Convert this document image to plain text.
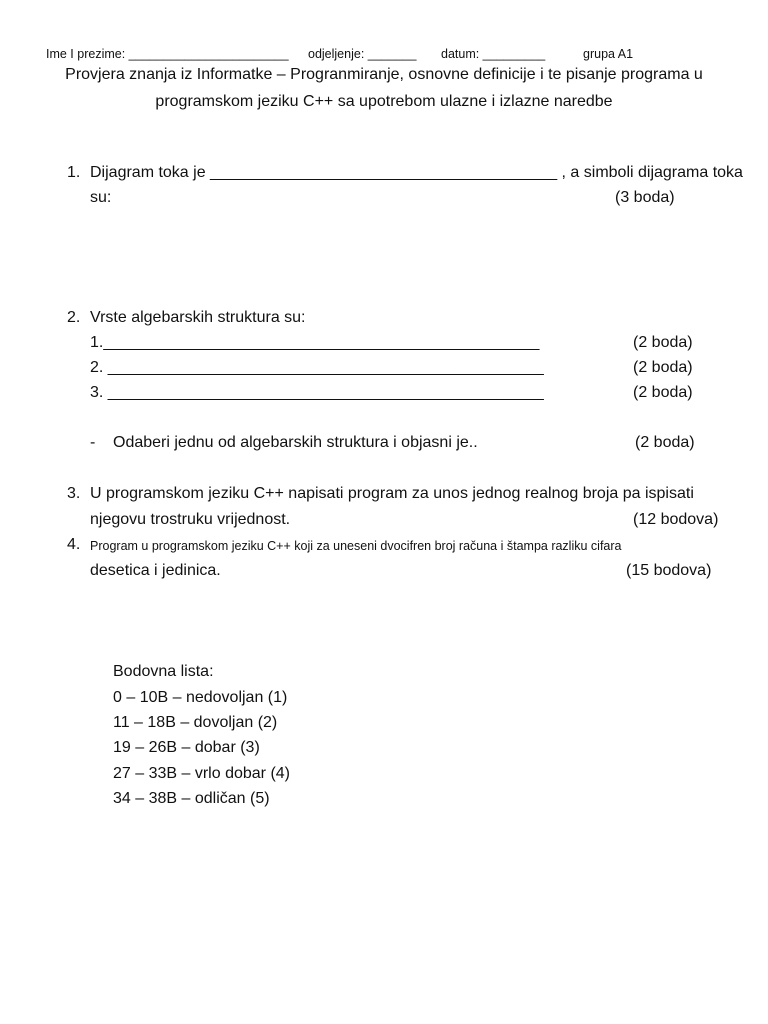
Ime I prezime: _______________________ odjeljenje: _______ datum: _________	grupa A1
Provjera znanja iz Informatke – Progranmiranje, osnovne definicije i te pisanje programa u
programskom jeziku C++ sa upotrebom ulazne i izlazne naredbe
1. Dijagram toka je _______________________________________ , a simboli dijagrama toka
su:	(3 boda)
2. Vrste algebarskih struktura su:
1._________________________________________________	(2 boda)
2. _________________________________________________	(2 boda)
3. _________________________________________________	(2 boda)
- Odaberi jednu od algebarskih struktura i objasni je..	(2 boda)
3. U programskom jeziku C++ napisati program za unos jednog realnog broja pa ispisati
njegovu trostruku vrijednost.	(12 bodova)
4. Program u programskom jeziku C++ koji za uneseni dvocifren broj računa i štampa razliku cifara
desetica i jedinica.	(15 bodova)
Bodovna lista:
0 – 10B – nedovoljan (1)
11 – 18B – dovoljan (2)
19 – 26B – dobar (3)
27 – 33B – vrlo dobar (4)
34 – 38B – odličan (5)
